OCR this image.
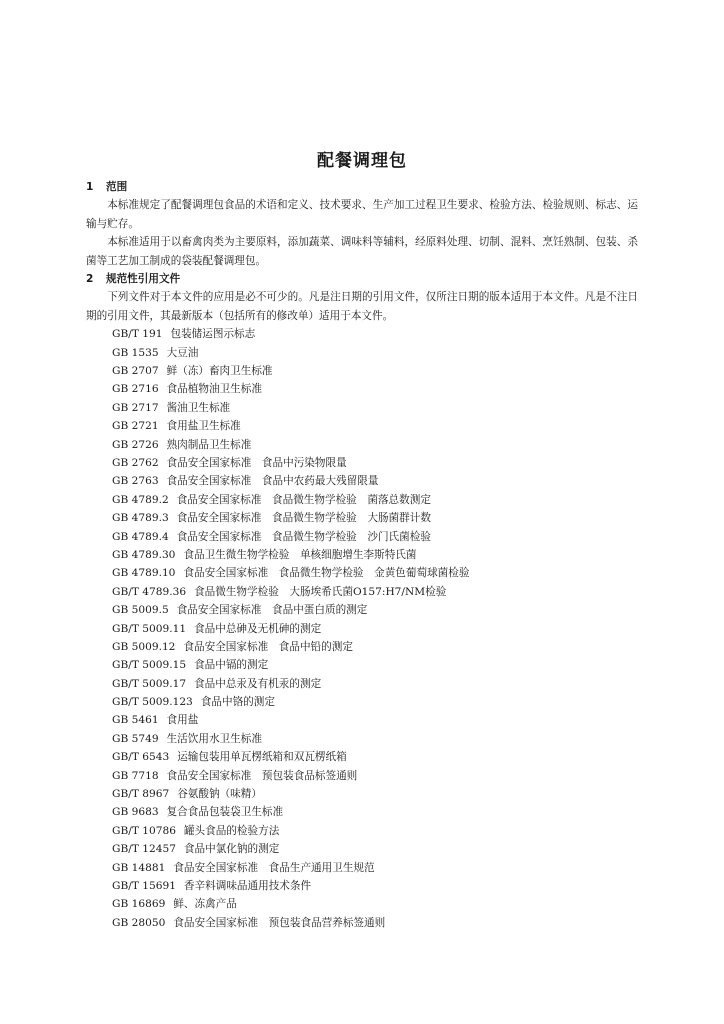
配餐调理包

1 范围

本标准规定了配餐调理包食品的术语和定义、技术要求、生产加工过程卫生要求、检验方法、检验规则、标志、运输与贮存。

本标准适用于以畜禽肉类为主要原料，添加蔬菜、调味料等辅料，经原料处理、切制、混料、烹饪熟制、包装、杀菌等工艺加工制成的袋装配餐调理包。

2 规范性引用文件

下列文件对于本文件的应用是必不可少的。凡是注日期的引用文件，仅所注日期的版本适用于本文件。凡是不注日期的引用文件，其最新版本（包括所有的修改单）适用于本文件。

GB/T 191 包装储运图示标志
GB 1535 大豆油
GB 2707 鲜（冻）畜肉卫生标准
GB 2716 食品植物油卫生标准
GB 2717 酱油卫生标准
GB 2721 食用盐卫生标准
GB 2726 熟肉制品卫生标准
GB 2762 食品安全国家标准　食品中污染物限量
GB 2763 食品安全国家标准　食品中农药最大残留限量
GB 4789.2 食品安全国家标准　食品微生物学检验　菌落总数测定
GB 4789.3 食品安全国家标准　食品微生物学检验　大肠菌群计数
GB 4789.4 食品安全国家标准　食品微生物学检验　沙门氏菌检验
GB 4789.30 食品卫生微生物学检验　单核细胞增生李斯特氏菌
GB 4789.10 食品安全国家标准　食品微生物学检验　金黄色葡萄球菌检验
GB/T 4789.36 食品微生物学检验　大肠埃希氏菌O157:H7/NM检验
GB 5009.5 食品安全国家标准　食品中蛋白质的测定
GB/T 5009.11 食品中总砷及无机砷的测定
GB 5009.12 食品安全国家标准　食品中铅的测定
GB/T 5009.15 食品中镉的测定
GB/T 5009.17 食品中总汞及有机汞的测定
GB/T 5009.123 食品中铬的测定
GB 5461 食用盐
GB 5749 生活饮用水卫生标准
GB/T 6543 运输包装用单瓦楞纸箱和双瓦楞纸箱
GB 7718 食品安全国家标准　预包装食品标签通则
GB/T 8967 谷氨酸钠（味精）
GB 9683 复合食品包装袋卫生标准
GB/T 10786 罐头食品的检验方法
GB/T 12457 食品中氯化钠的测定
GB 14881 食品安全国家标准　食品生产通用卫生规范
GB/T 15691 香辛料调味品通用技术条件
GB 16869 鲜、冻禽产品
GB 28050 食品安全国家标准　预包装食品营养标签通则
